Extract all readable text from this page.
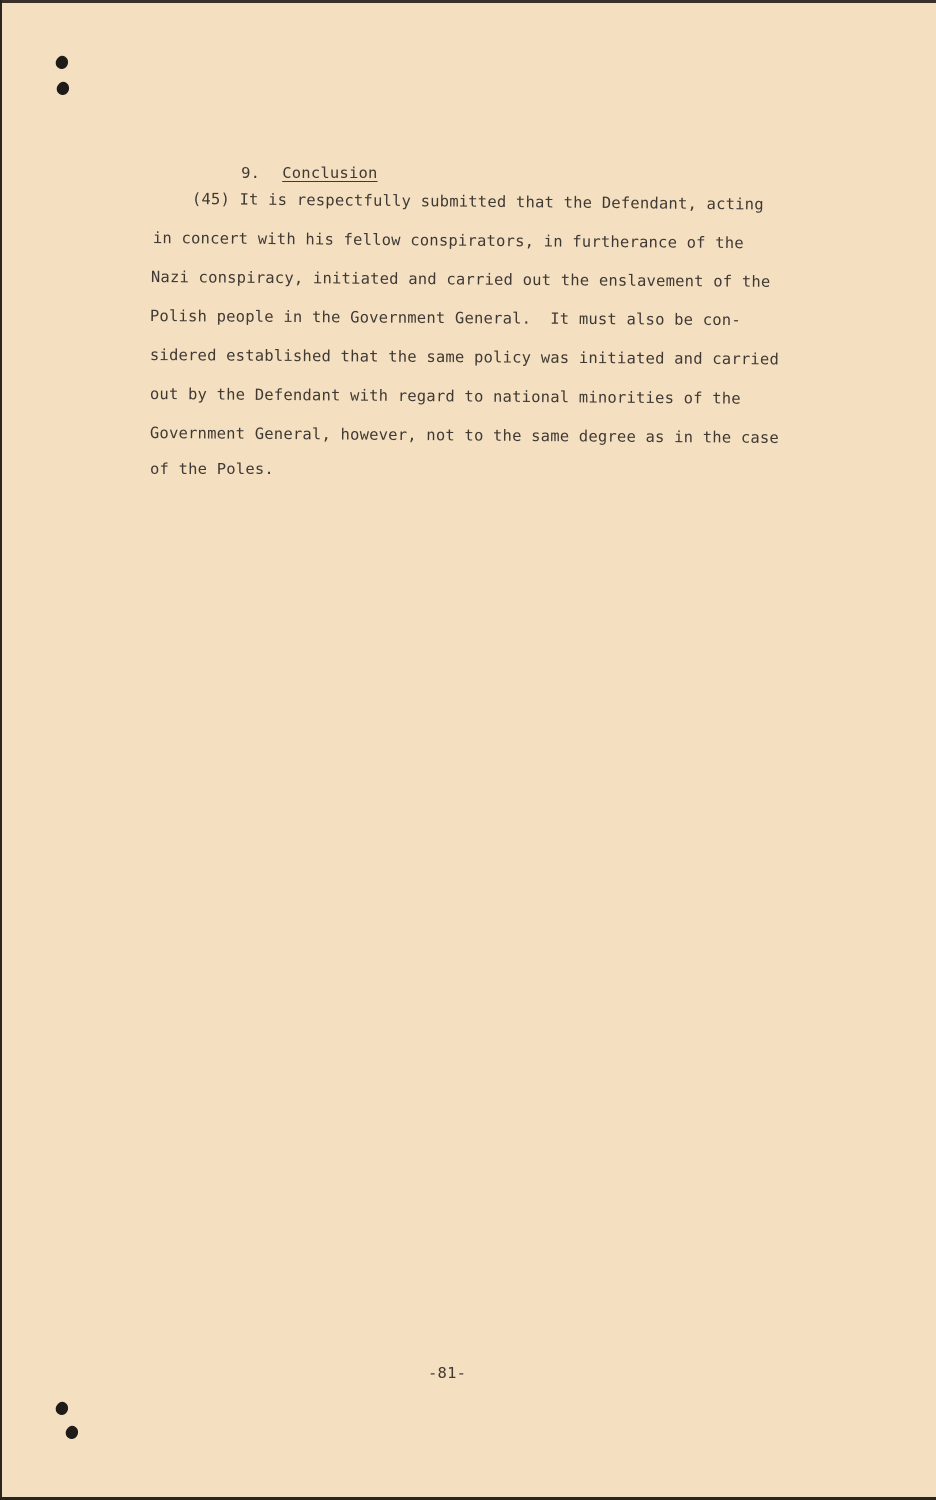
9. Conclusion

(45) It is respectfully submitted that the Defendant, acting
in concert with his fellow conspirators, in furtherance of the
Nazi conspiracy, initiated and carried out the enslavement of the
Polish people in the Government General.  It must also be con-
sidered established that the same policy was initiated and carried
out by the Defendant with regard to national minorities of the
Government General, however, not to the same degree as in the case
of the Poles.
-81-
